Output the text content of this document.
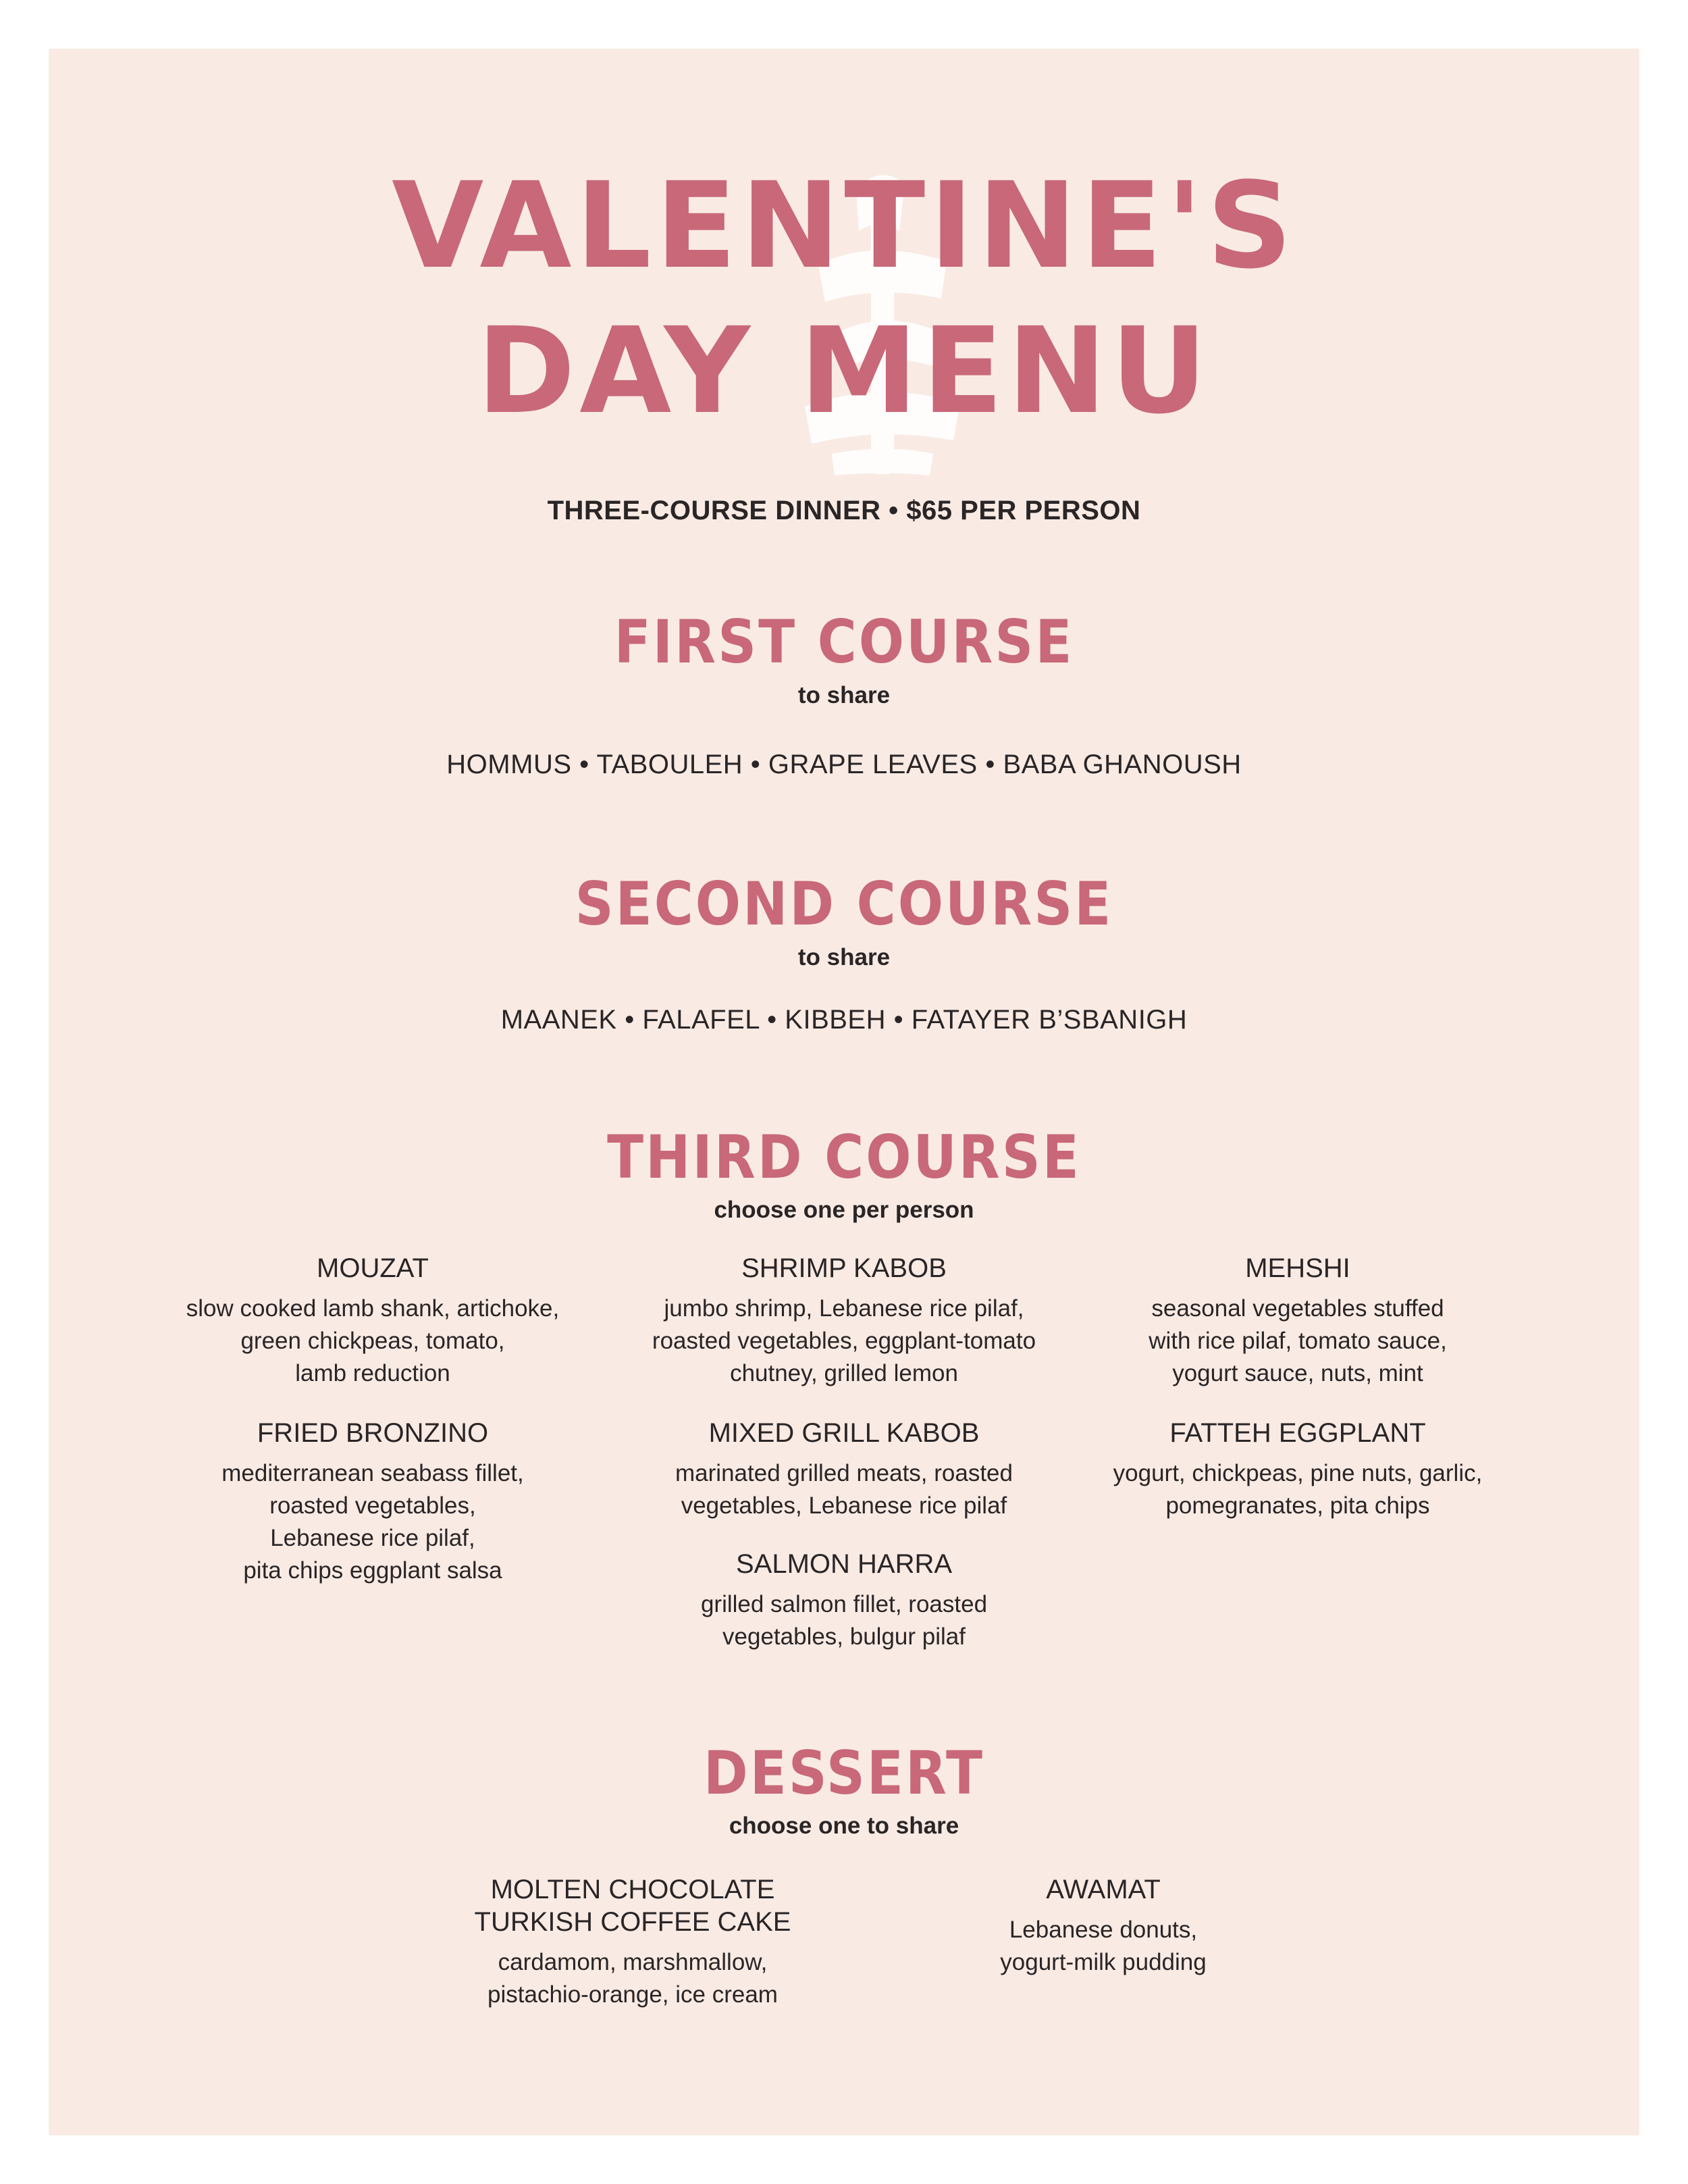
VALENTINE'S
DAY MENU
THREE-COURSE DINNER • $65 PER PERSON
FIRST COURSE
to share
HOMMUS • TABOULEH • GRAPE LEAVES • BABA GHANOUSH
SECOND COURSE
to share
MAANEK • FALAFEL • KIBBEH • FATAYER B’SBANIGH
THIRD COURSE
choose one per person
MOUZAT
slow cooked lamb shank, artichoke,
green chickpeas, tomato,
lamb reduction
SHRIMP KABOB
jumbo shrimp, Lebanese rice pilaf,
roasted vegetables, eggplant-tomato
chutney, grilled lemon
MEHSHI
seasonal vegetables stuffed
with rice pilaf, tomato sauce,
yogurt sauce, nuts, mint
FRIED BRONZINO
mediterranean seabass fillet,
roasted vegetables,
Lebanese rice pilaf,
pita chips eggplant salsa
MIXED GRILL KABOB
marinated grilled meats, roasted
vegetables, Lebanese rice pilaf
FATTEH EGGPLANT
yogurt, chickpeas, pine nuts, garlic,
pomegranates, pita chips
SALMON HARRA
grilled salmon fillet, roasted
vegetables, bulgur pilaf
DESSERT
choose one to share
MOLTEN CHOCOLATE
TURKISH COFFEE CAKE
cardamom, marshmallow,
pistachio-orange, ice cream
AWAMAT
Lebanese donuts,
yogurt-milk pudding
